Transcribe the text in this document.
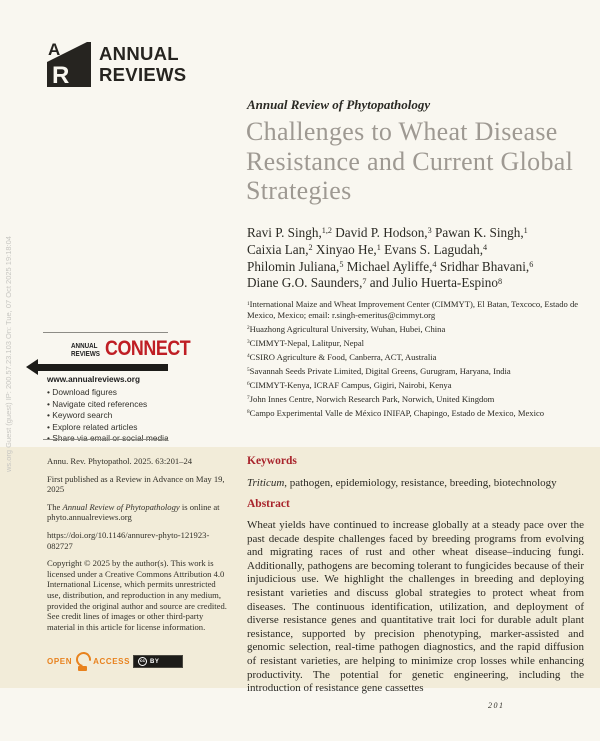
ws.org Guest (guest) IP: 200.57.23.103 On: Tue, 07 Oct 2025 19:18:04
A
R
ANNUAL
REVIEWS
Annual Review of Phytopathology
Challenges to Wheat Disease
Resistance and Current Global
Strategies
Ravi P. Singh,$^{1,2}$ David P. Hodson,$^3$ Pawan K. Singh,$^1$
Caixia Lan,$^2$ Xinyao He,$^1$ Evans S. Lagudah,$^4$
Philomin Juliana,$^5$ Michael Ayliffe,$^4$ Sridhar Bhavani,$^6$
Diane G.O. Saunders,$^7$ and Julio Huerta-Espino$^8$
$^1$International Maize and Wheat Improvement Center (CIMMYT), El Batan, Texcoco, Estado de Mexico, Mexico; email: r.singh-emeritus@cimmyt.org
$^2$Huazhong Agricultural University, Wuhan, Hubei, China
$^3$CIMMYT-Nepal, Lalitpur, Nepal
$^4$CSIRO Agriculture & Food, Canberra, ACT, Australia
$^5$Savannah Seeds Private Limited, Digital Greens, Gurugram, Haryana, India
$^6$CIMMYT-Kenya, ICRAF Campus, Gigiri, Nairobi, Kenya
$^7$John Innes Centre, Norwich Research Park, Norwich, United Kingdom
$^8$Campo Experimental Valle de México INIFAP, Chapingo, Estado de Mexico, Mexico
ANNUAL
REVIEWS CONNECT
www.annualreviews.org
• Download figures
• Navigate cited references
• Keyword search
• Explore related articles
• Share via email or social media

Annu. Rev. Phytopathol. 2025. 63:201–24

First published as a Review in Advance on May 19, 2025

The Annual Review of Phytopathology is online at phyto.annualreviews.org

https://doi.org/10.1146/annurev-phyto-121923-082727

Copyright © 2025 by the author(s). This work is licensed under a Creative Commons Attribution 4.0 International License, which permits unrestricted use, distribution, and reproduction in any medium, provided the original author and source are credited. See credit lines of images or other third-party material in this article for license information.

OPEN	ACCESS	cc BY
Keywords
Triticum, pathogen, epidemiology, resistance, breeding, biotechnology
Abstract

Wheat yields have continued to increase globally at a steady pace over the past decade despite challenges faced by breeding programs from evolving and migrating races of rust and other wheat disease–inducing fungi. Additionally, pathogens are becoming tolerant to fungicides because of their injudicious use. We highlight the challenges in breeding and deploying resistant varieties and discuss global strategies to protect wheat from diseases. The continuous identification, utilization, and deployment of diverse resistance genes and quantitative trait loci for durable adult plant resistance, supported by precision phenotyping, marker-assisted and genomic selection, real-time pathogen diagnostics, and the rapid diffusion of resistant varieties, are helping to minimize crop losses while enhancing productivity. The potential for genetic engineering, including the introduction of resistance gene cassettes

201
